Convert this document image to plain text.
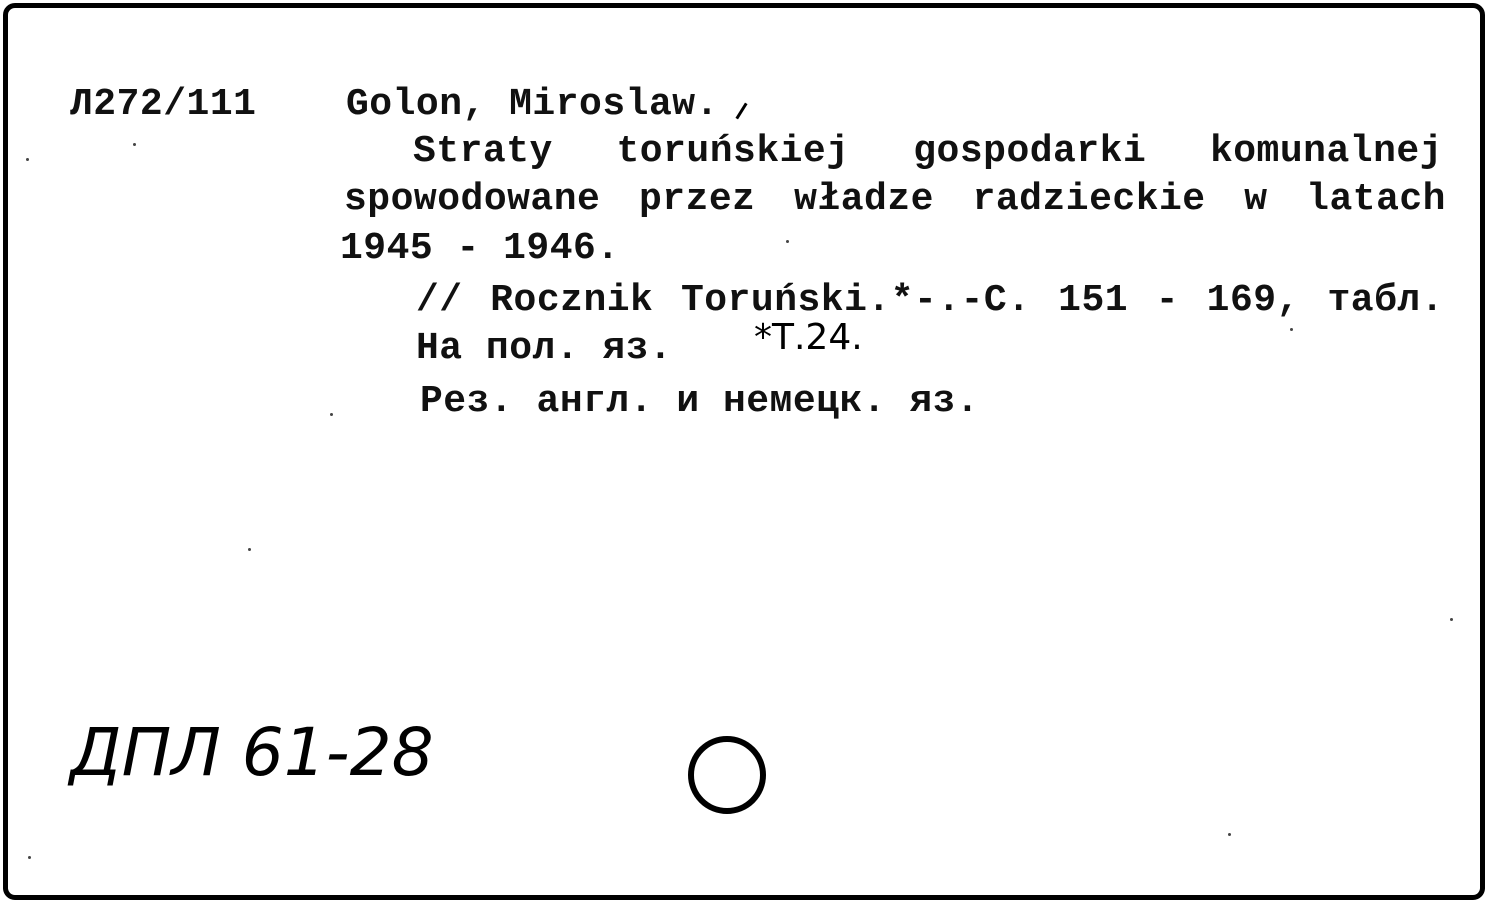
Л272/111 Golon, Miroslaw.
Straty toruńskiej gospodarki komunalnej
spowodowane przez władze radzieckie w latach
1945 - 1946.
// Rocznik Toruński.*-.-С. 151 - 169, табл.
На пол. яз. *Т.24.
Рез. англ. и немецк. яз.
ДПЛ 61-28
